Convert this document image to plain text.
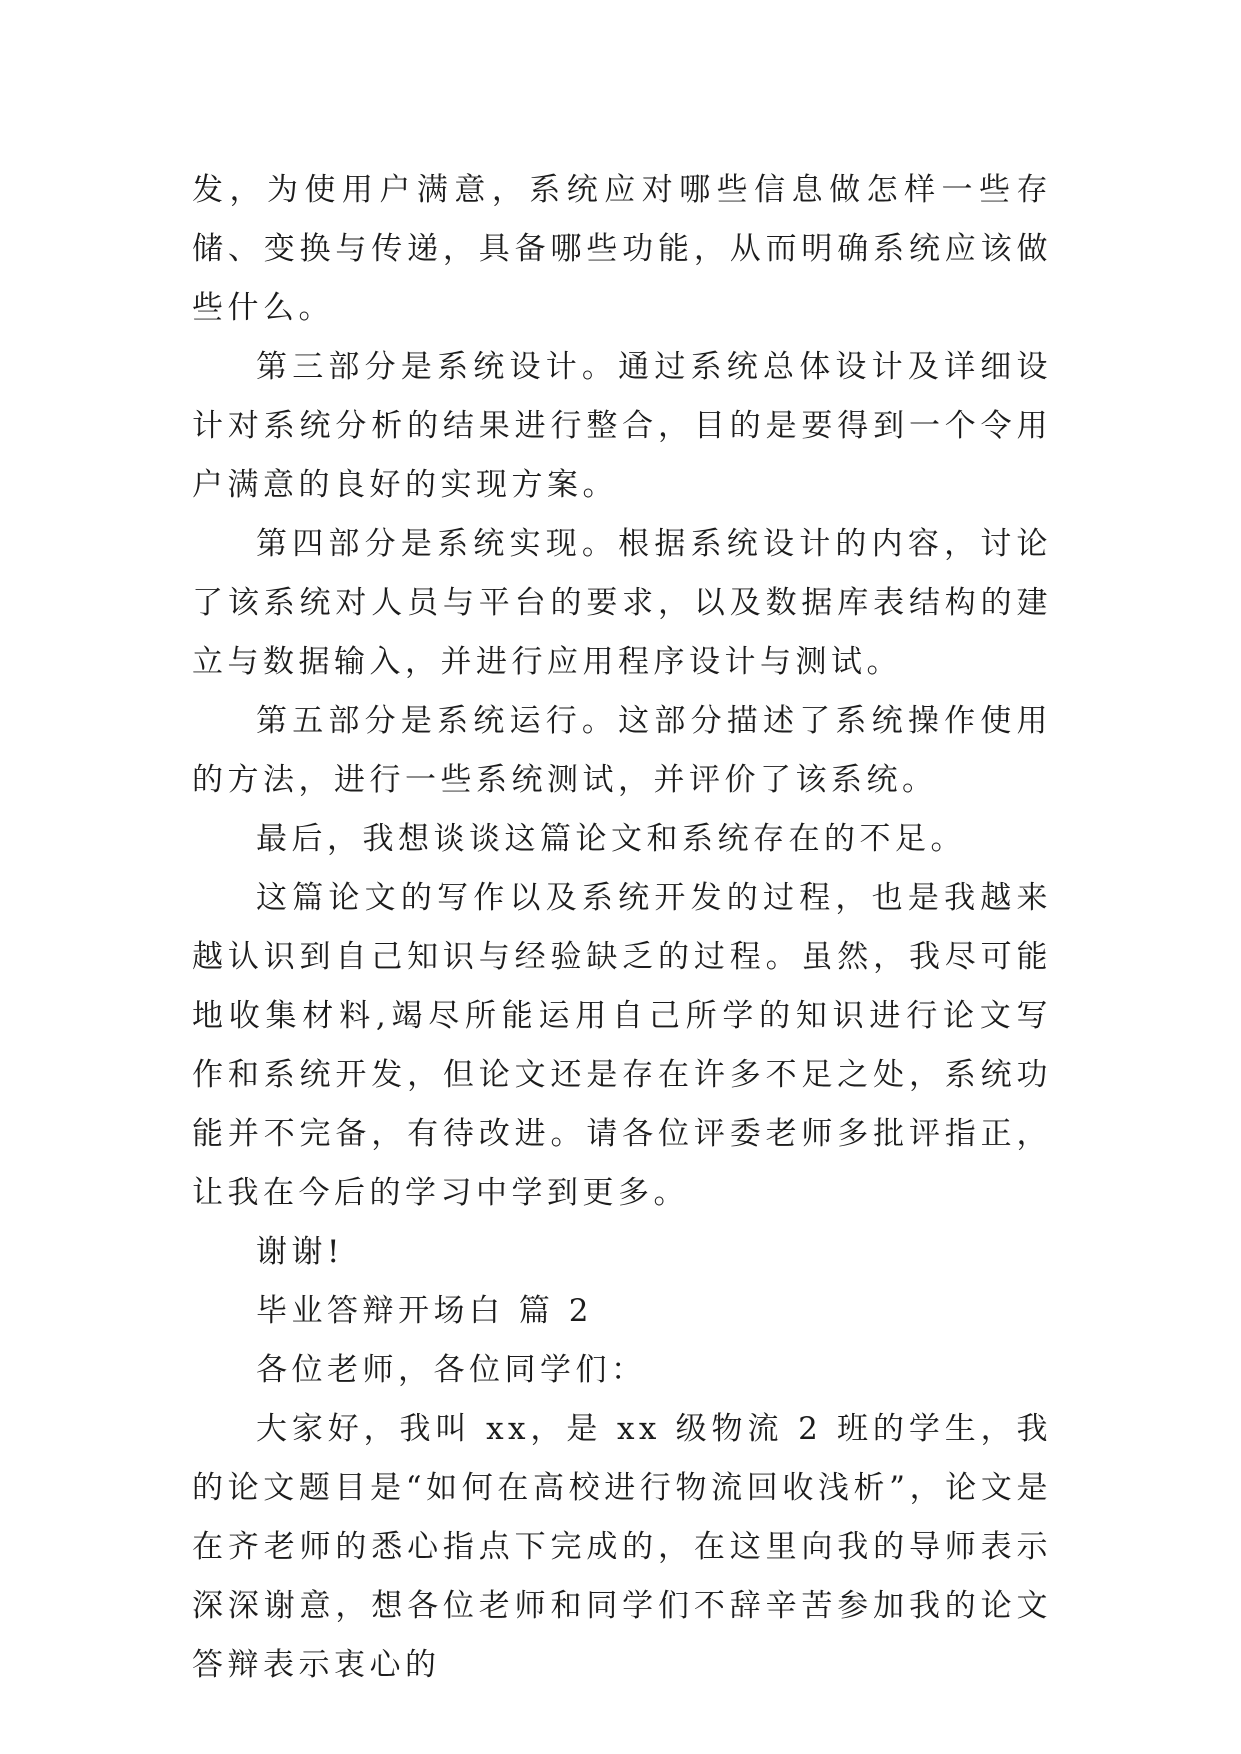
发，为使用户满意，系统应对哪些信息做怎样一些存储、变换与传递，具备哪些功能，从而明确系统应该做些什么。

第三部分是系统设计。通过系统总体设计及详细设计对系统分析的结果进行整合，目的是要得到一个令用户满意的良好的实现方案。

第四部分是系统实现。根据系统设计的内容，讨论了该系统对人员与平台的要求，以及数据库表结构的建立与数据输入，并进行应用程序设计与测试。

第五部分是系统运行。这部分描述了系统操作使用的方法，进行一些系统测试，并评价了该系统。

最后，我想谈谈这篇论文和系统存在的不足。

这篇论文的写作以及系统开发的过程，也是我越来越认识到自己知识与经验缺乏的过程。虽然，我尽可能地收集材料,竭尽所能运用自己所学的知识进行论文写作和系统开发，但论文还是存在许多不足之处，系统功能并不完备，有待改进。请各位评委老师多批评指正，让我在今后的学习中学到更多。

谢谢!

毕业答辩开场白 篇 2

各位老师，各位同学们：

大家好，我叫 xx，是 xx 级物流 2 班的学生，我的论文题目是“如何在高校进行物流回收浅析”，论文是在齐老师的悉心指点下完成的，在这里向我的导师表示深深谢意，想各位老师和同学们不辞辛苦参加我的论文答辩表示衷心的
